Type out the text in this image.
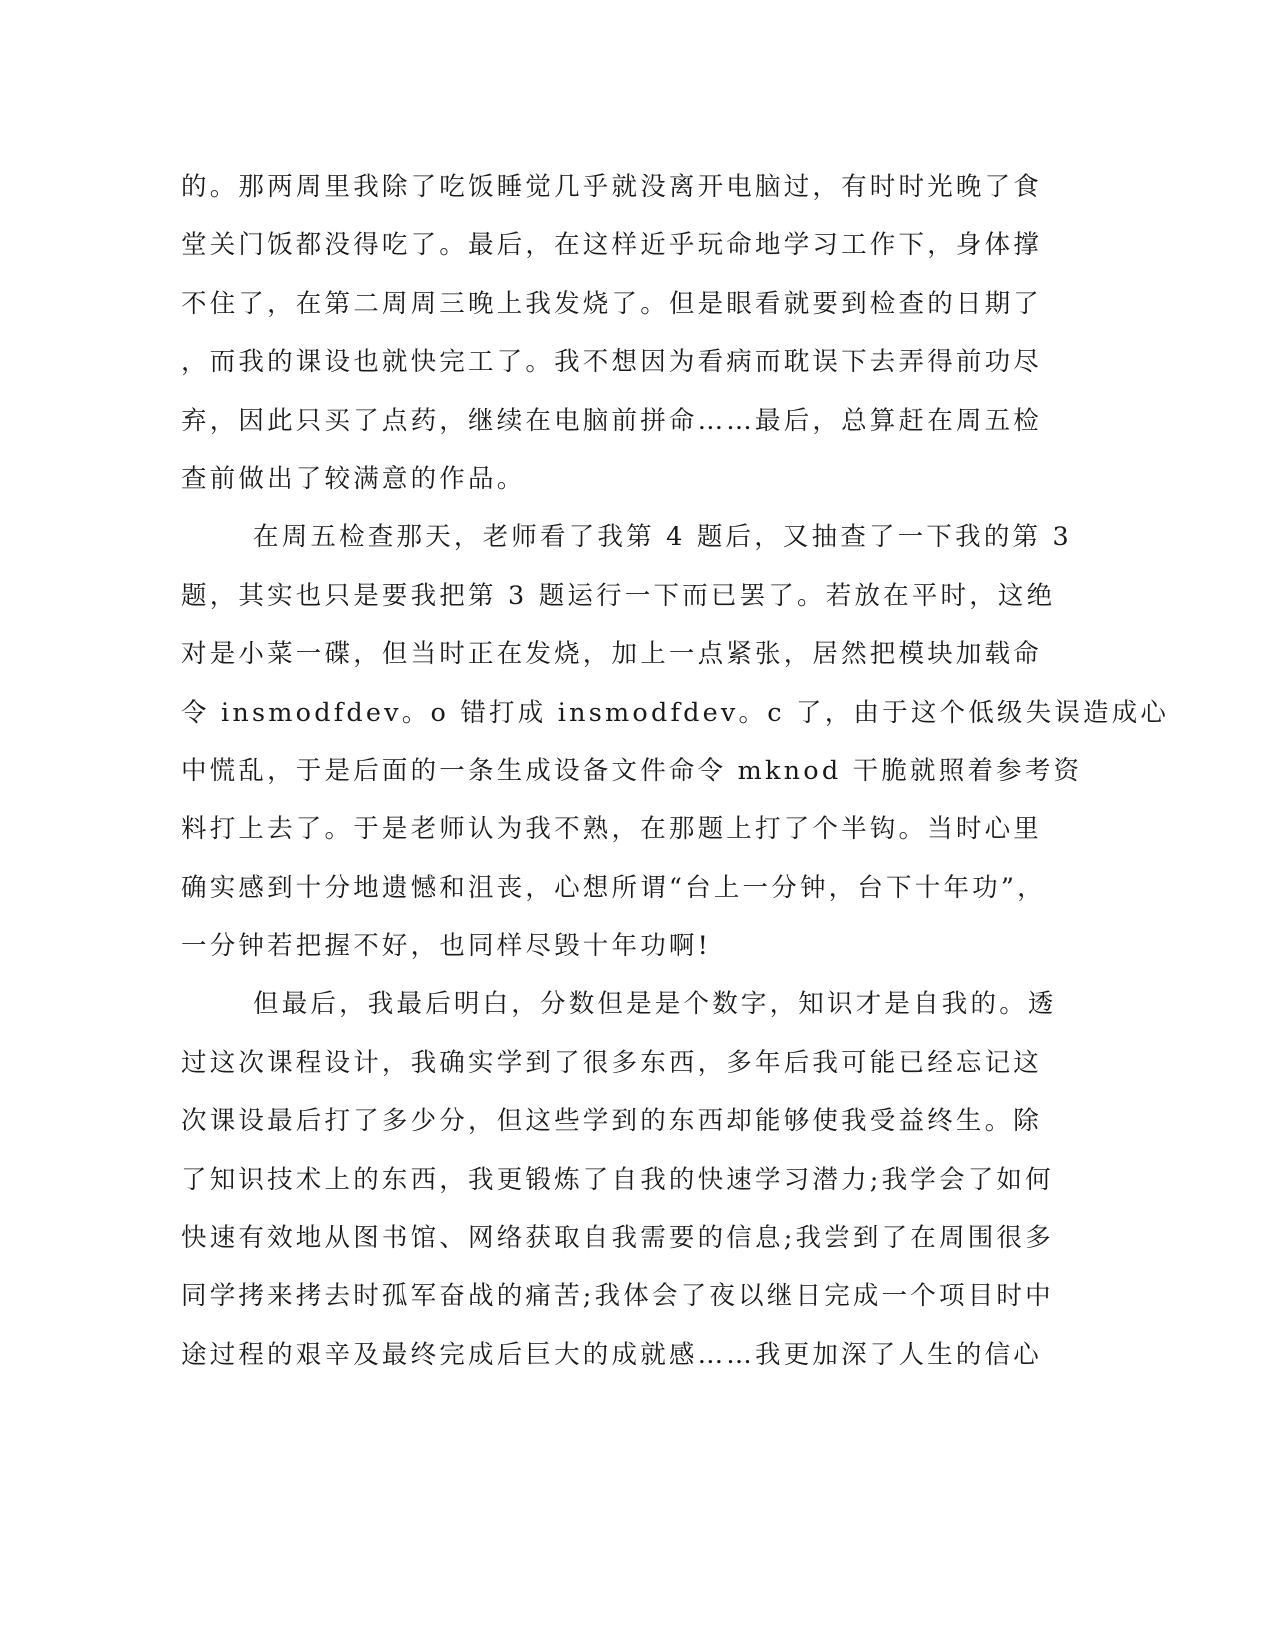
的。那两周里我除了吃饭睡觉几乎就没离开电脑过，有时时光晚了食
堂关门饭都没得吃了。最后，在这样近乎玩命地学习工作下，身体撑
不住了，在第二周周三晚上我发烧了。但是眼看就要到检查的日期了
，而我的课设也就快完工了。我不想因为看病而耽误下去弄得前功尽
弃，因此只买了点药，继续在电脑前拼命……最后，总算赶在周五检
查前做出了较满意的作品。
在周五检查那天，老师看了我第 4 题后，又抽查了一下我的第 3
题，其实也只是要我把第 3 题运行一下而已罢了。若放在平时，这绝
对是小菜一碟，但当时正在发烧，加上一点紧张，居然把模块加载命
令 insmodfdev。o 错打成 insmodfdev。c 了，由于这个低级失误造成心
中慌乱，于是后面的一条生成设备文件命令 mknod 干脆就照着参考资
料打上去了。于是老师认为我不熟，在那题上打了个半钩。当时心里
确实感到十分地遗憾和沮丧，心想所谓“台上一分钟，台下十年功”，
一分钟若把握不好，也同样尽毁十年功啊!
但最后，我最后明白，分数但是是个数字，知识才是自我的。透
过这次课程设计，我确实学到了很多东西，多年后我可能已经忘记这
次课设最后打了多少分，但这些学到的东西却能够使我受益终生。除
了知识技术上的东西，我更锻炼了自我的快速学习潜力;我学会了如何
快速有效地从图书馆、网络获取自我需要的信息;我尝到了在周围很多
同学拷来拷去时孤军奋战的痛苦;我体会了夜以继日完成一个项目时中
途过程的艰辛及最终完成后巨大的成就感……我更加深了人生的信心
